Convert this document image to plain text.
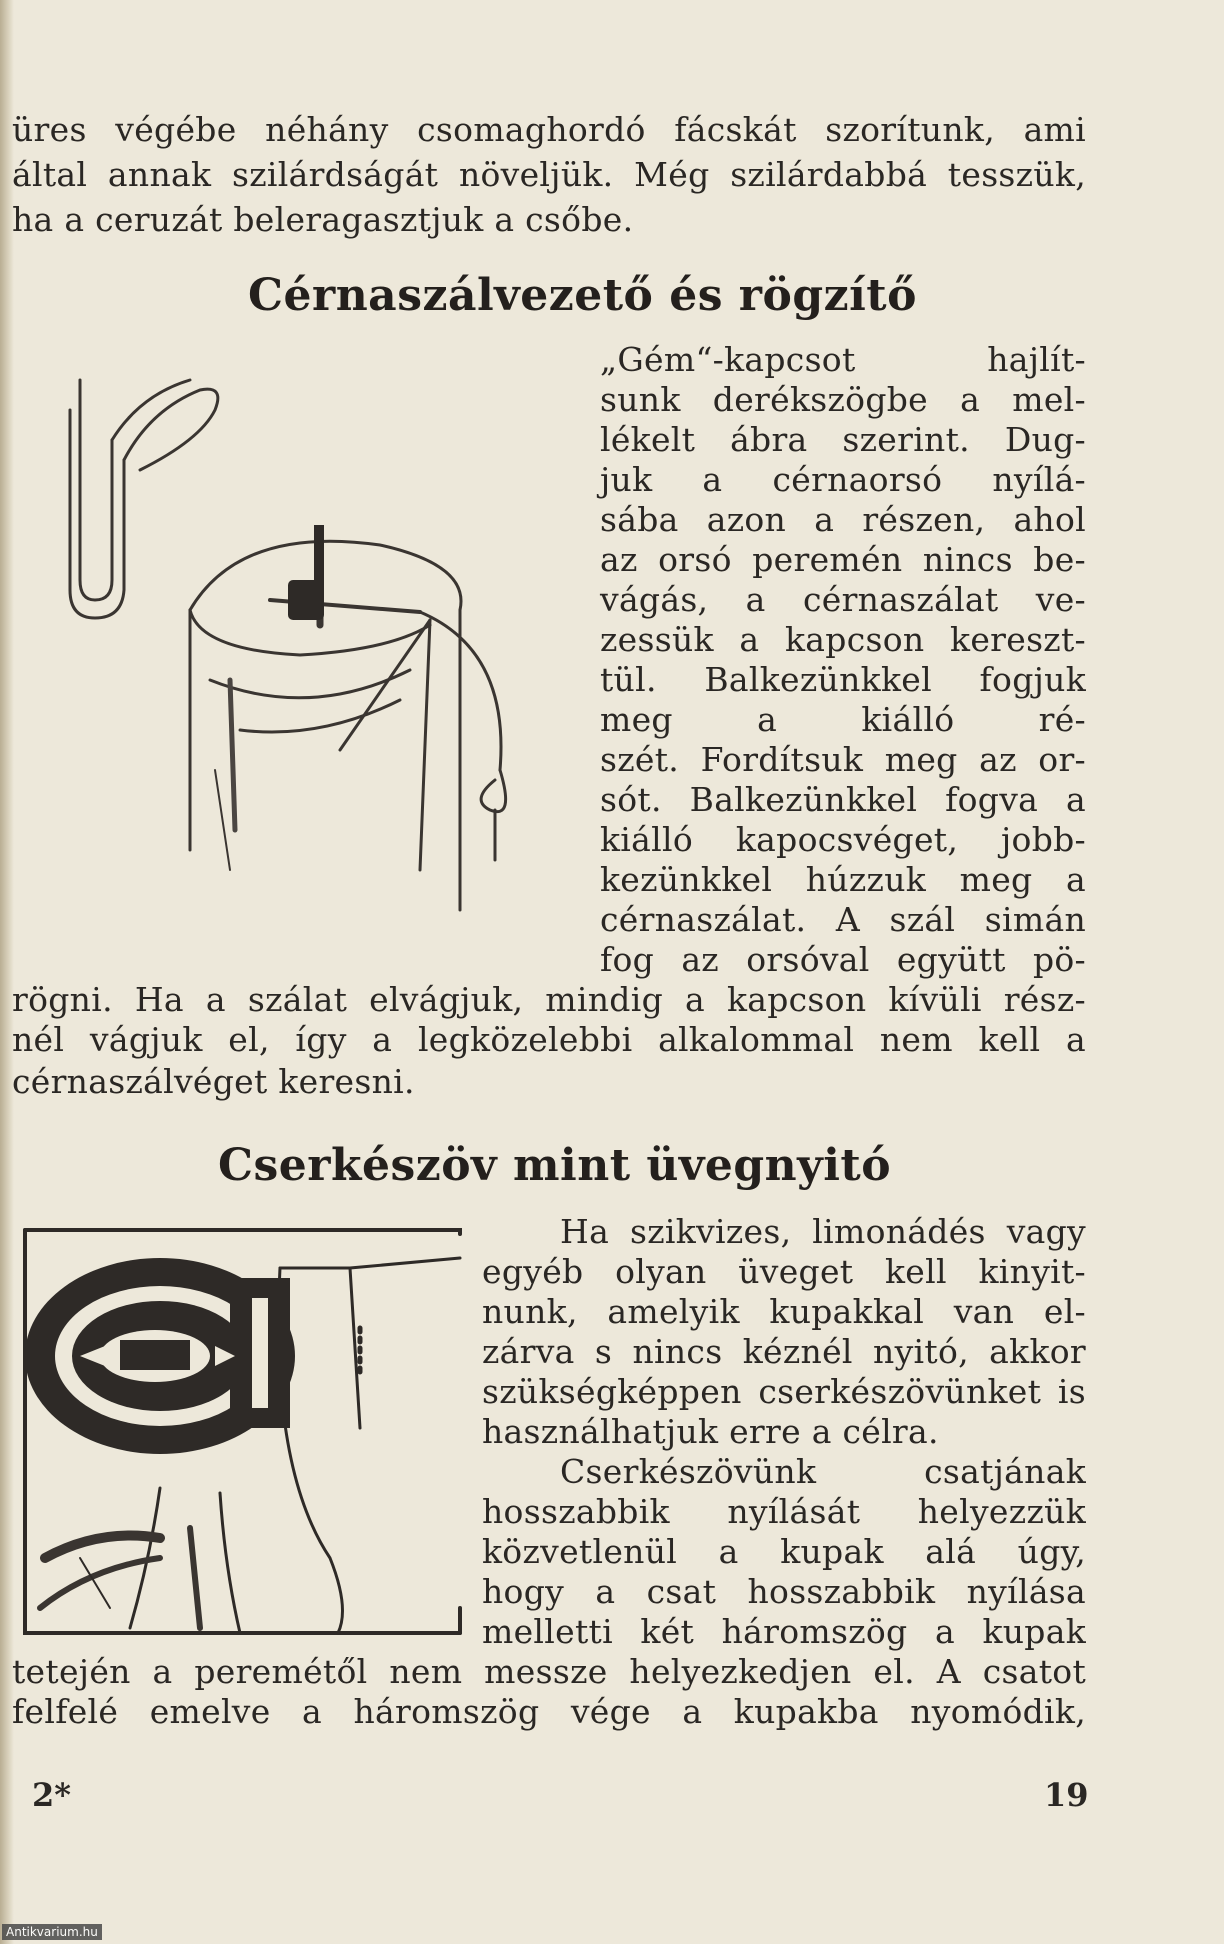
üres végébe néhány csomaghordó fácskát szorítunk, ami
által annak szilárdságát növeljük. Még szilárdabbá tesszük,
ha a ceruzát beleragasztjuk a csőbe.
Cérnaszálvezető és rögzítő
„Gém“-kapcsot hajlít-
sunk derékszögbe a mel-
lékelt ábra szerint. Dug-
juk a cérnaorsó nyílá-
sába azon a részen, ahol
az orsó peremén nincs be-
vágás, a cérnaszálat ve-
zessük a kapcson kereszt-
tül. Balkezünkkel fogjuk
meg a kiálló ré-
szét. Fordítsuk meg az or-
sót. Balkezünkkel fogva a
kiálló kapocsvéget, jobb-
kezünkkel húzzuk meg a
cérnaszálat. A szál simán
fog az orsóval együtt pö-
rögni. Ha a szálat elvágjuk, mindig a kapcson kívüli rész-
nél vágjuk el, így a legközelebbi alkalommal nem kell a
cérnaszálvéget keresni.
Cserkészöv mint üvegnyitó
Ha szikvizes, limonádés vagy
egyéb olyan üveget kell kinyit-
nunk, amelyik kupakkal van el-
zárva s nincs kéznél nyitó, akkor
szükségképpen cserkészövünket is
használhatjuk erre a célra.
Cserkészövünk csatjának
hosszabbik nyílását helyezzük
közvetlenül a kupak alá úgy,
hogy a csat hosszabbik nyílása
melletti két háromszög a kupak
tetején a peremétől nem messze helyezkedjen el. A csatot
felfelé emelve a háromszög vége a kupakba nyomódik,
2*	19
Antikvarium.hu
